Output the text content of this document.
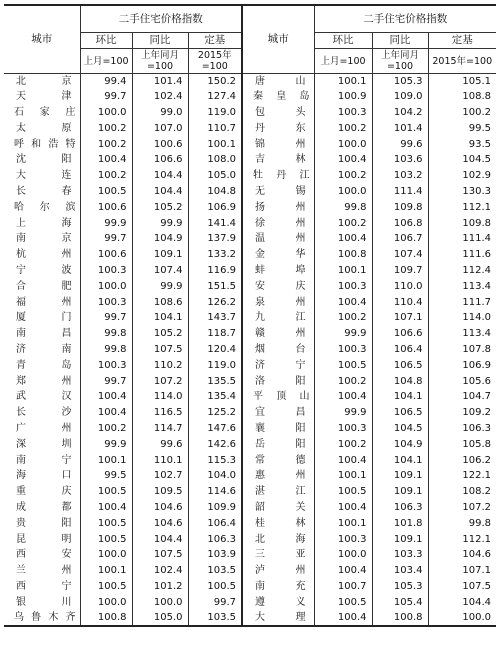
城市	二手住宅价格指数			城市	二手住宅价格指数		
	环比	同比	定基		环比	同比	定基
	上月=100	上年同月=100	2015年=100		上月=100	上年同月=100	2015年=100
北京	99.4	101.4	150.2	唐山	100.1	105.3	105.1
天津	99.7	102.4	127.4	秦皇岛	100.9	109.0	108.8
石家庄	100.0	99.0	119.0	包头	100.3	104.2	100.2
太原	100.2	107.0	110.7	丹东	100.2	101.4	99.5
呼和浩特	100.2	100.6	100.1	锦州	100.0	99.6	93.5
沈阳	100.4	106.6	108.0	吉林	100.4	103.6	104.5
大连	100.2	104.4	105.0	牡丹江	100.2	103.2	102.9
长春	100.5	104.4	104.8	无锡	100.0	111.4	130.3
哈尔滨	100.6	105.2	106.9	扬州	99.8	109.8	112.1
上海	99.9	99.9	141.4	徐州	100.2	106.8	109.8
南京	99.7	104.9	137.9	温州	100.4	106.7	111.4
杭州	100.6	109.1	133.2	金华	100.8	107.4	111.6
宁波	100.3	107.4	116.9	蚌埠	100.1	109.7	112.4
合肥	100.0	99.9	151.5	安庆	100.3	110.0	113.4
福州	100.3	108.6	126.2	泉州	100.4	110.4	111.7
厦门	99.7	104.1	143.7	九江	100.2	107.1	114.0
南昌	99.8	105.2	118.7	赣州	99.9	106.6	113.4
济南	99.8	107.5	120.4	烟台	100.3	106.4	107.8
青岛	100.3	110.2	119.0	济宁	100.5	106.5	106.9
郑州	99.7	107.2	135.5	洛阳	100.2	104.8	105.6
武汉	100.4	114.0	135.4	平顶山	100.4	104.1	104.7
长沙	100.4	116.5	125.2	宜昌	99.9	106.5	109.2
广州	100.2	114.7	147.6	襄阳	100.3	104.5	106.3
深圳	99.9	99.6	142.6	岳阳	100.2	104.9	105.8
南宁	100.1	110.1	115.3	常德	100.4	104.1	106.2
海口	99.5	102.7	104.0	惠州	100.1	109.1	122.1
重庆	100.5	109.5	114.6	湛江	100.5	109.1	108.2
成都	100.4	104.6	109.9	韶关	100.4	106.3	107.2
贵阳	100.5	104.6	106.4	桂林	100.1	101.8	99.8
昆明	100.5	104.4	106.3	北海	100.3	109.1	112.1
西安	100.0	107.5	103.9	三亚	100.0	103.3	104.6
兰州	100.1	102.4	103.5	泸州	100.4	103.4	107.1
西宁	100.5	101.2	100.5	南充	100.7	105.3	107.5
银川	100.0	100.0	99.7	遵义	100.5	105.4	104.4
乌鲁木齐	100.8	105.0	103.5	大理	100.4	100.8	100.0
